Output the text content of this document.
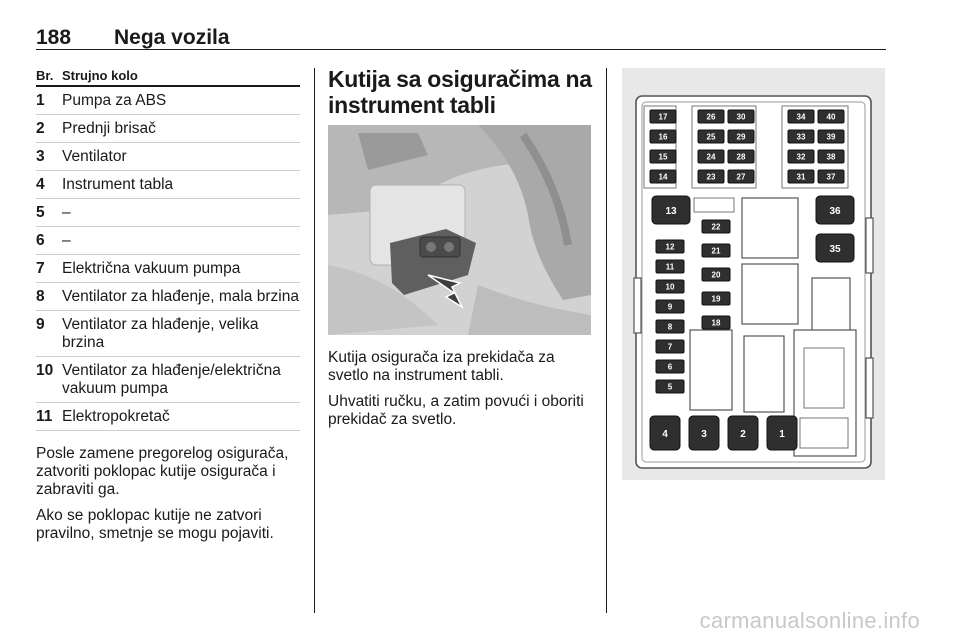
188 Nega vozila
Br. Strujno kolo
1	Pumpa za ABS
2	Prednji brisač
3	Ventilator
4	Instrument tabla
5	–
6	–
7	Električna vakuum pumpa
8	Ventilator za hlađenje, mala brzina
9	Ventilator za hlađenje, velika brzina
10 Ventilator za hlađenje/električna vakuum pumpa
11 Elektropokretač

Posle zamene pregorelog osigurača, zatvoriti poklopac kutije osigurača i zabraviti ga.

Ako se poklopac kutije ne zatvori pravilno, smetnje se mogu pojaviti.

Kutija sa osiguračima na instrument tabli

Kutija osigurača iza prekidača za svetlo na instrument tabli.

Uhvatiti ručku, a zatim povući i oboriti prekidač za svetlo.

17	26	30
16	25	29
15	24	28
14	23	27
34	40
33	39
32	38
31	37
13	36
35
12
11
10
9
8
7
6
5
22
21
20
19
18
4	3	2	1
carmanualsonline.info
